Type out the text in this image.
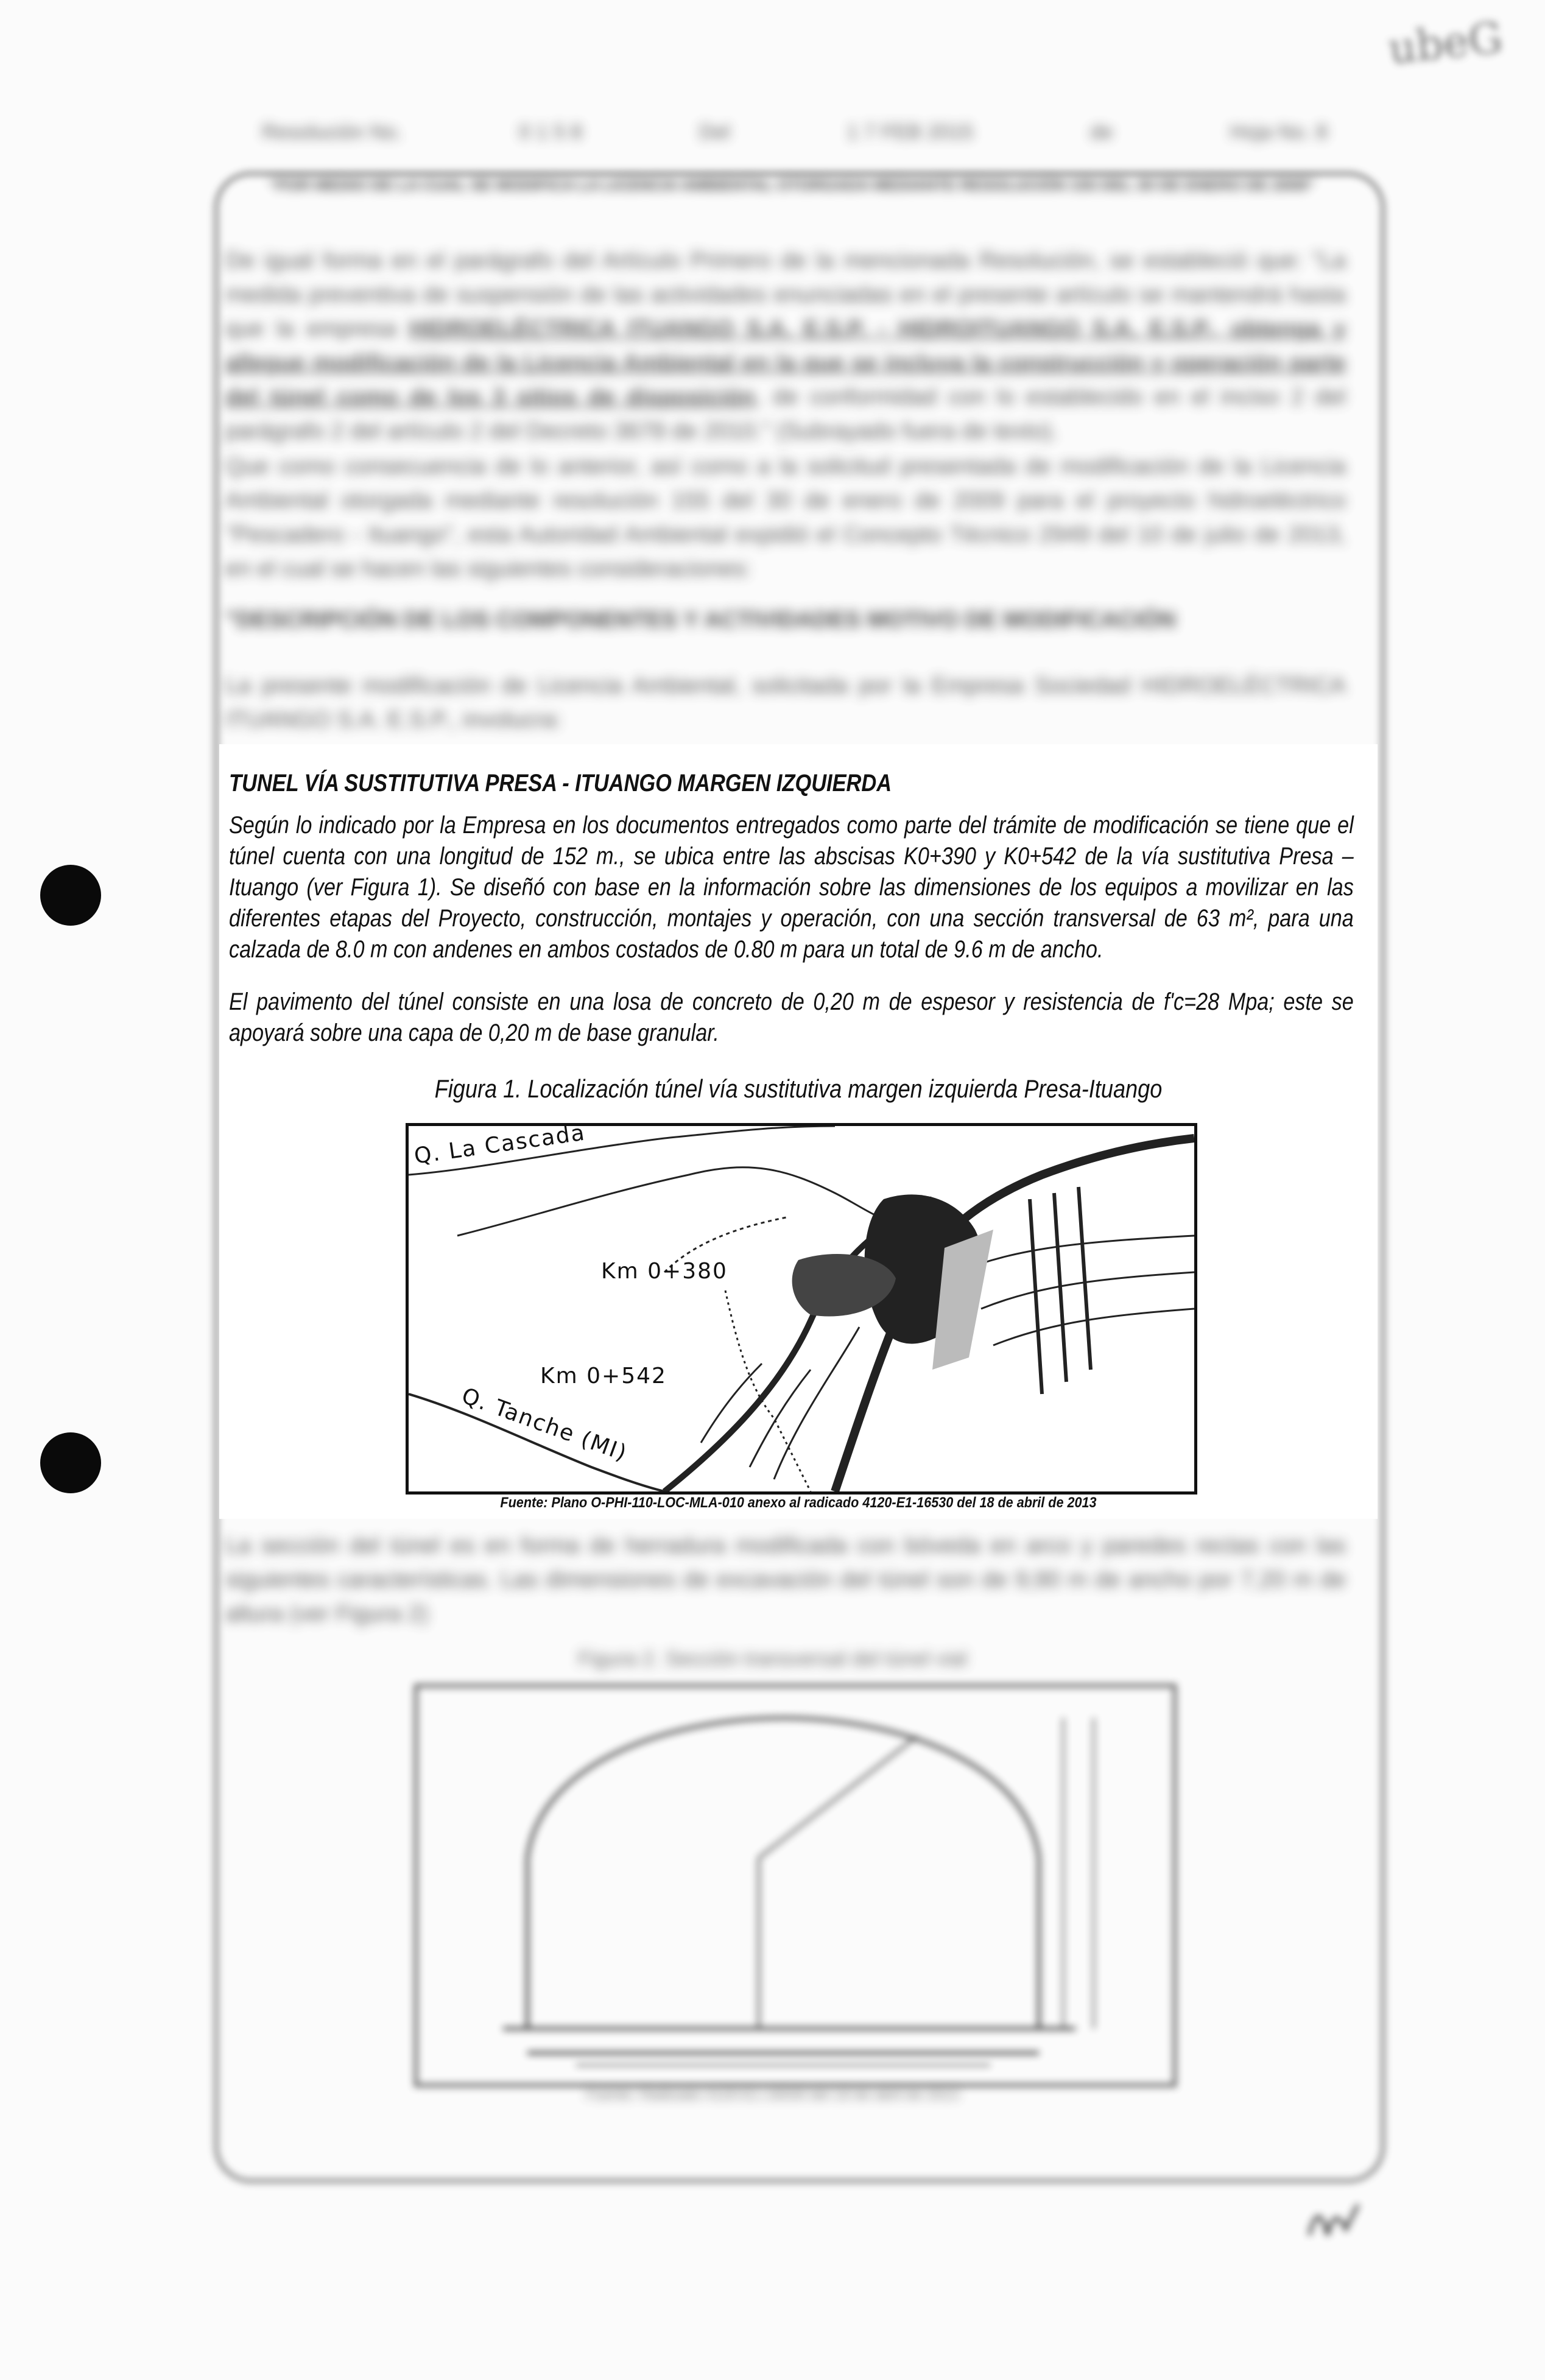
ubeG
Resolución No.	0 1 5 8	Del	1 7 FEB 2015	de	Hoja No. 8
"POR MEDIO DE LA CUAL SE MODIFICA LA LICENCIA AMBIENTAL OTORGADA MEDIANTE RESOLUCIÓN 155 DEL 30 DE ENERO DE 2009"
De igual forma en el parágrafo del Artículo Primero de la mencionada Resolución, se estableció que: "La medida preventiva de suspensión de las actividades enunciadas en el presente artículo se mantendrá hasta que la empresa HIDROELÉCTRICA ITUANGO S.A. E.S.P. - HIDROITUANGO S.A. E.S.P., obtenga y allegue modificación de la Licencia Ambiental en la que se incluya la construcción y operación parte del túnel como de los 3 sitios de disposición, de conformidad con lo establecido en el inciso 2 del parágrafo 2 del artículo 2 del Decreto 3678 de 2010." (Subrayado fuera de texto).
Que como consecuencia de lo anterior, así como a la solicitud presentada de modificación de la Licencia Ambiental otorgada mediante resolución 155 del 30 de enero de 2009 para el proyecto hidroeléctrico "Pescadero - Ituango", esta Autoridad Ambiental expidió el Concepto Técnico 2949 del 10 de julio de 2013, en el cual se hacen las siguientes consideraciones:
"DESCRIPCIÓN DE LOS COMPONENTES Y ACTIVIDADES MOTIVO DE MODIFICACIÓN
La presente modificación de Licencia Ambiental, solicitada por la Empresa Sociedad HIDROELÉCTRICA ITUANGO S.A. E.S.P., involucra:
TUNEL VÍA SUSTITUTIVA PRESA - ITUANGO MARGEN IZQUIERDA
Según lo indicado por la Empresa en los documentos entregados como parte del trámite de modificación se tiene que el túnel cuenta con una longitud de 152 m., se ubica entre las abscisas K0+390 y K0+542 de la vía sustitutiva Presa – Ituango (ver Figura 1). Se diseñó con base en la información sobre las dimensiones de los equipos a movilizar en las diferentes etapas del Proyecto, construcción, montajes y operación, con una sección transversal de 63 m², para una calzada de 8.0 m con andenes en ambos costados de 0.80 m para un total de 9.6 m de ancho.
El pavimento del túnel consiste en una losa de concreto de 0,20 m de espesor y resistencia de f'c=28 Mpa; este se apoyará sobre una capa de 0,20 m de base granular.
Figura 1. Localización túnel vía sustitutiva margen izquierda Presa-Ituango
Q. La Cascada
Km 0+380
Km 0+542
Q. Tanche (MI)
Fuente: Plano O-PHI-110-LOC-MLA-010 anexo al radicado 4120-E1-16530 del 18 de abril de 2013
La sección del túnel es en forma de herradura modificada con bóveda en arco y paredes rectas con las siguientes características. Las dimensiones de excavación del túnel son de 9,90 m de ancho por 7,20 m de altura (ver Figura 2)
Figura 2. Sección transversal del túnel vial
Fuente: Radicado 4120-E1-16530 del 18 de abril de 2013
